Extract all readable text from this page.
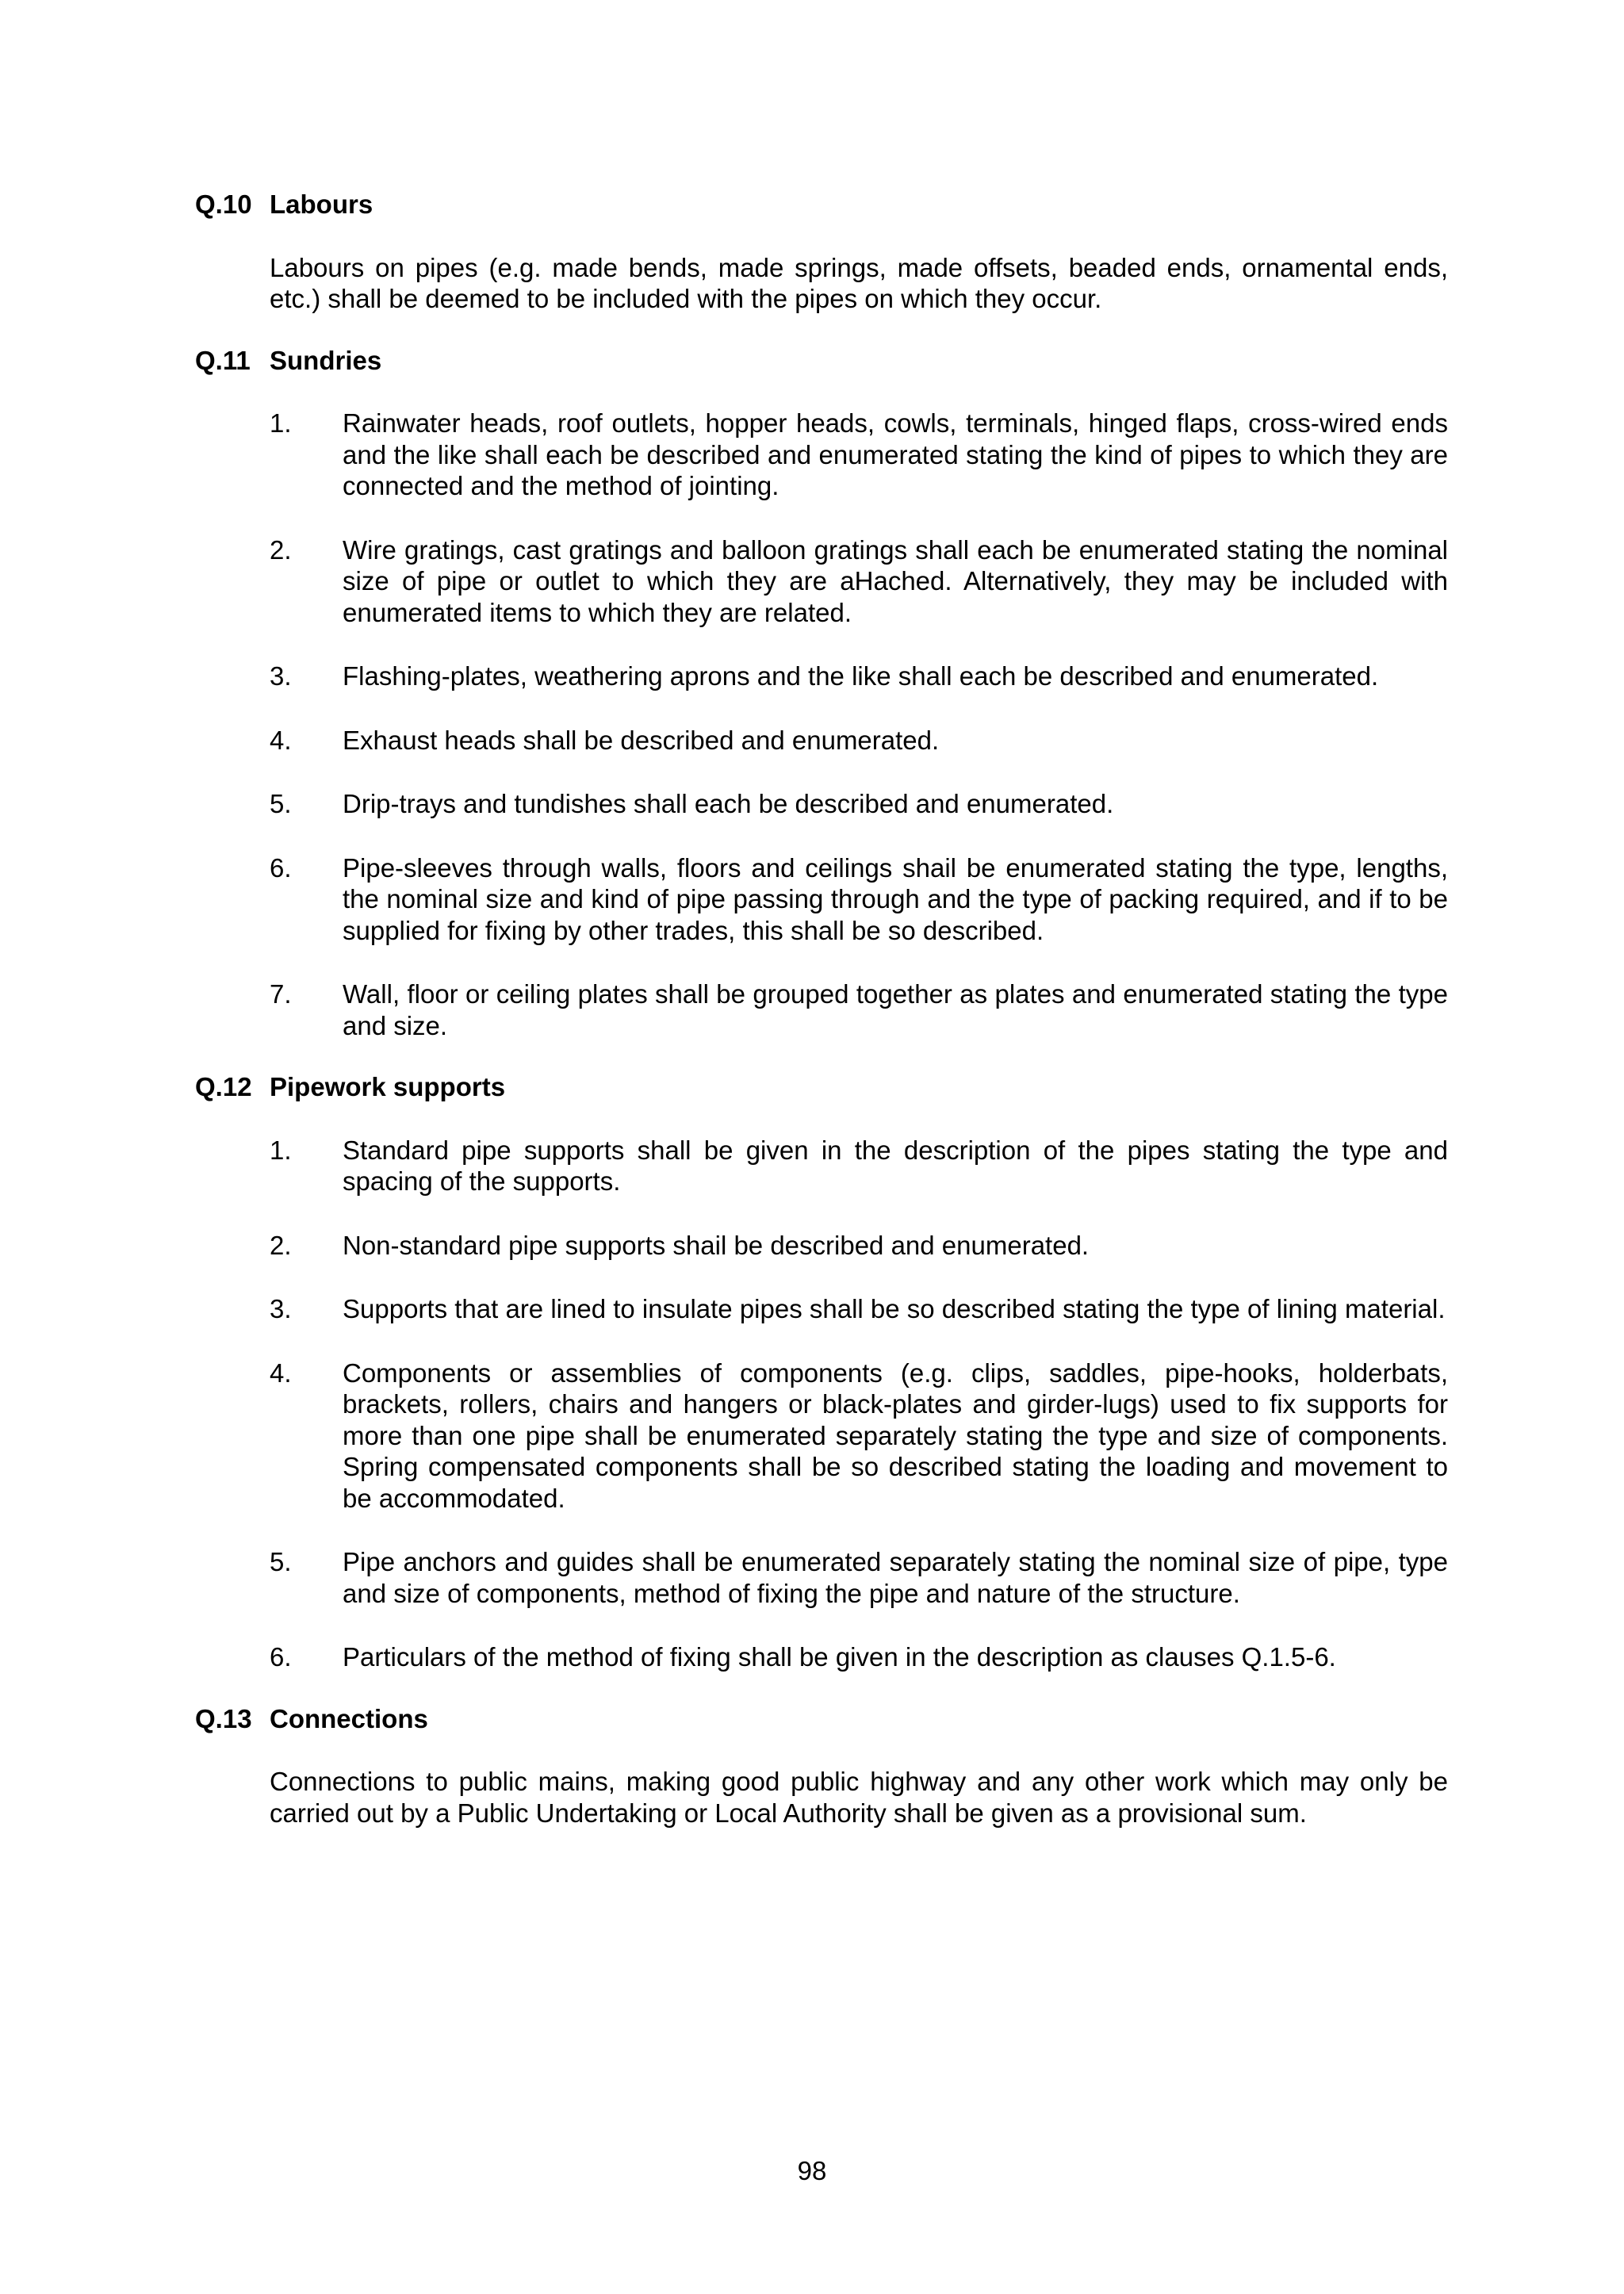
Q.10 Labours
Labours on pipes (e.g. made bends, made springs, made offsets, beaded ends, ornamental ends, etc.) shall be deemed to be included with the pipes on which they occur.
Q.11 Sundries
1.	Rainwater heads, roof outlets, hopper heads, cowls, terminals, hinged flaps, cross-wired ends and the like shall each be described and enumerated stating the kind of pipes to which they are connected and the method of jointing.
2.	Wire gratings, cast gratings and balloon gratings shall each be enumerated stating the nominal size of pipe or outlet to which they are aHached. Alternatively, they may be included with enumerated items to which they are related.
3.	Flashing-plates, weathering aprons and the like shall each be described and enumerated.
4.	Exhaust heads shall be described and enumerated.
5.	Drip-trays and tundishes shall each be described and enumerated.
6.	Pipe-sleeves through walls, floors and ceilings shail be enumerated stating the type, lengths, the nominal size and kind of pipe passing through and the type of packing required, and if to be supplied for fixing by other trades, this shall be so described.
7.	Wall, floor or ceiling plates shall be grouped together as plates and enumerated stating the type and size.
Q.12 Pipework supports
1.	Standard pipe supports shall be given in the description of the pipes stating the type and spacing of the supports.
2.	Non-standard pipe supports shail be described and enumerated.
3.	Supports that are lined to insulate pipes shall be so described stating the type of lining material.
4.	Components or assemblies of components (e.g. clips, saddles, pipe-hooks, holderbats, brackets, rollers, chairs and hangers or black-plates and girder-lugs) used to fix supports for more than one pipe shall be enumerated separately stating the type and size of components. Spring compensated components shall be so described stating the loading and movement to be accommodated.
5.	Pipe anchors and guides shall be enumerated separately stating the nominal size of pipe, type and size of components, method of fixing the pipe and nature of the structure.
6.	Particulars of the method of fixing shall be given in the description as clauses Q.1.5-6.
Q.13 Connections
Connections to public mains, making good public highway and any other work which may only be carried out by a Public Undertaking or Local Authority shall be given as a provisional sum.
98
